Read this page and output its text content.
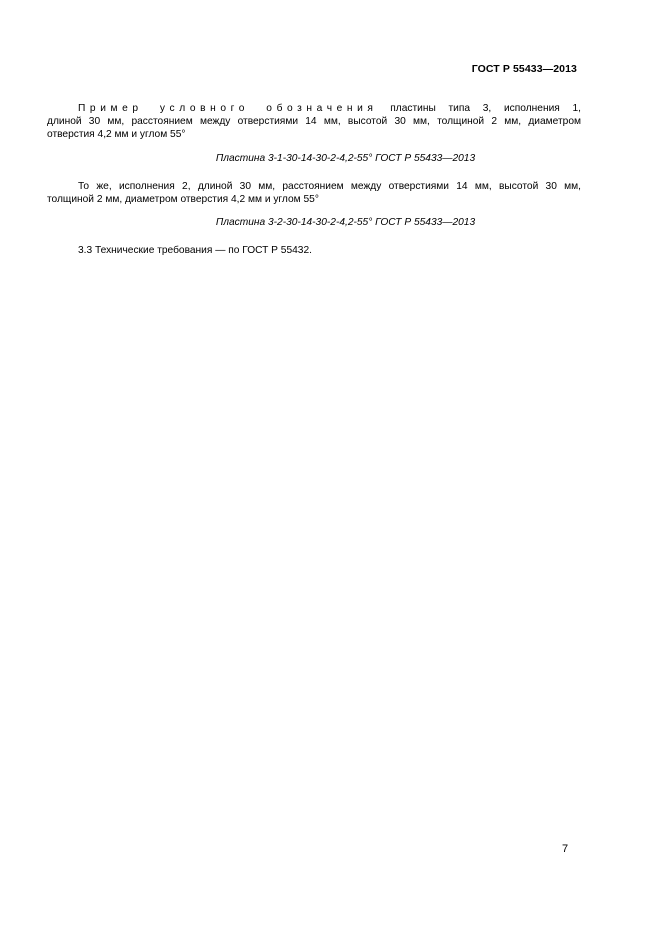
ГОСТ Р 55433—2013
Пример условного обозначения пластины типа 3, исполнения 1,
длиной 30 мм, расстоянием между отверстиями 14 мм, высотой 30 мм, толщиной 2 мм, диаметром
отверстия 4,2 мм и углом 55°
Пластина 3-1-30-14-30-2-4,2-55° ГОСТ Р 55433—2013
То же, исполнения 2, длиной 30 мм, расстоянием между отверстиями 14 мм, высотой 30 мм,
толщиной 2 мм, диаметром отверстия 4,2 мм и углом 55°
Пластина 3-2-30-14-30-2-4,2-55° ГОСТ Р 55433—2013
3.3 Технические требования — по ГОСТ Р 55432.
7
